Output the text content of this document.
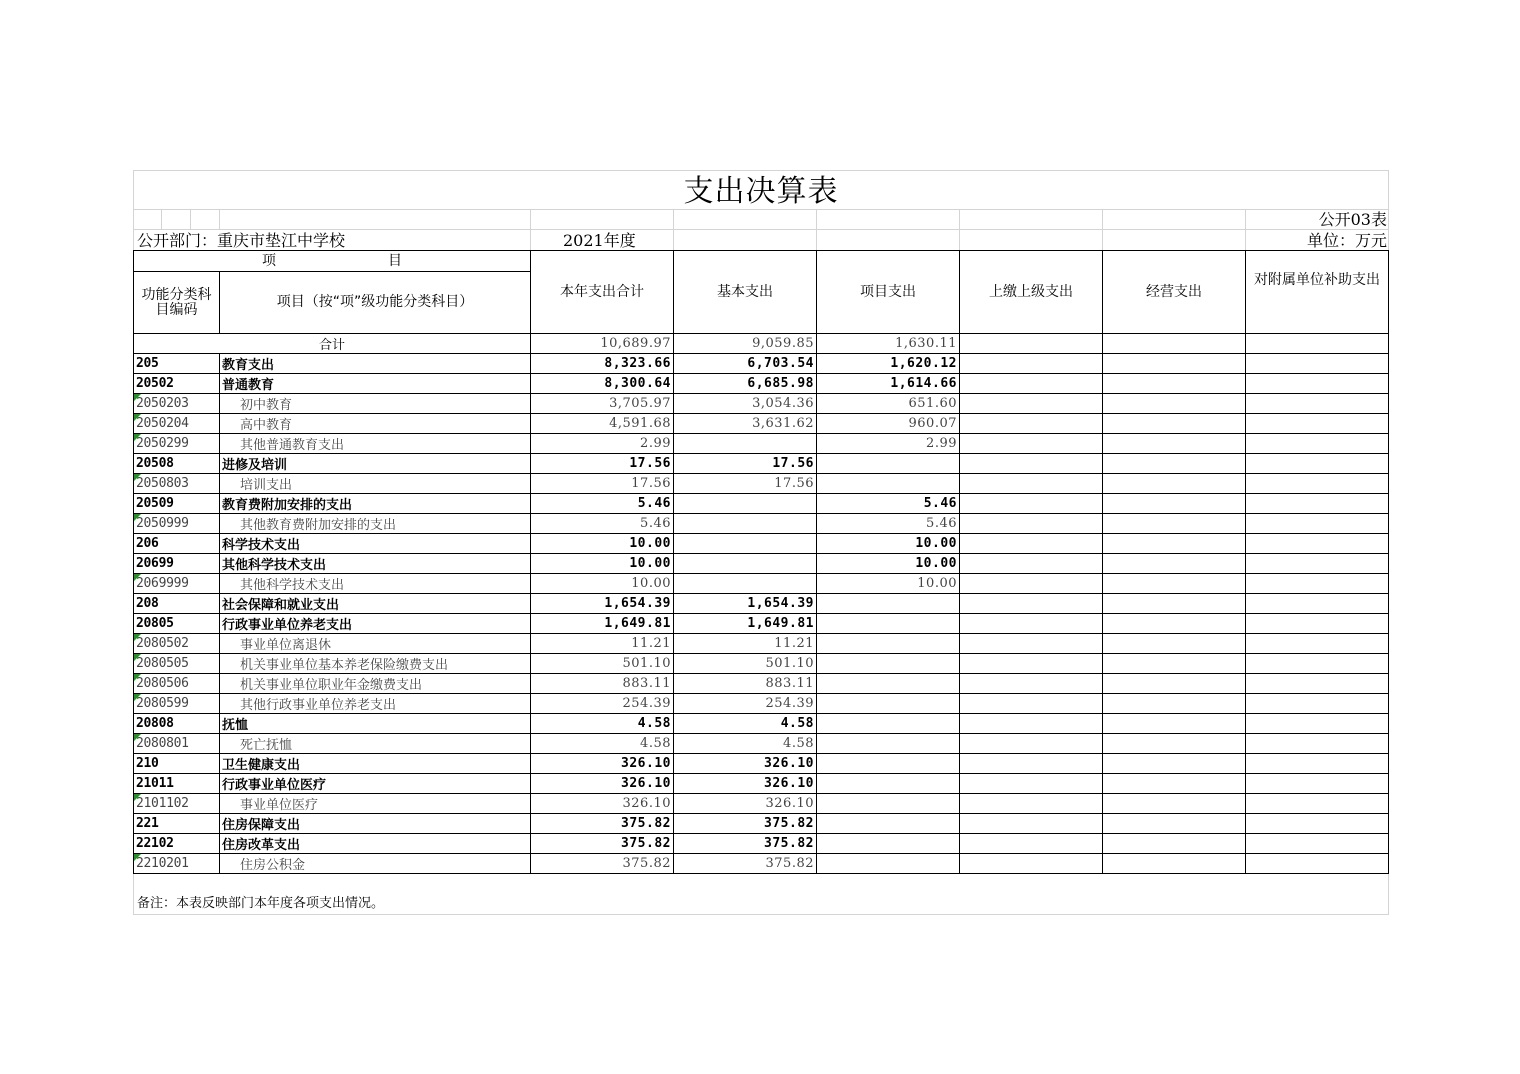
支出决算表
公开03表
公开部门：重庆市垫江中学校	2021年度	单位：万元
项　　　　　　　　目		本年支出合计	基本支出	项目支出	上缴上级支出	经营支出	对附属单位补助支出
功能分类科目编码	项目（按“项”级功能分类科目）						
合计		10,689.97	9,059.85	1,630.11			
205	教育支出	8,323.66	6,703.54	1,620.12			
20502	普通教育	8,300.64	6,685.98	1,614.66			
2050203	初中教育	3,705.97	3,054.36	651.60			
2050204	高中教育	4,591.68	3,631.62	960.07			
2050299	其他普通教育支出	2.99		2.99			
20508	进修及培训	17.56	17.56				
2050803	培训支出	17.56	17.56				
20509	教育费附加安排的支出	5.46		5.46			
2050999	其他教育费附加安排的支出	5.46		5.46			
206	科学技术支出	10.00		10.00			
20699	其他科学技术支出	10.00		10.00			
2069999	其他科学技术支出	10.00		10.00			
208	社会保障和就业支出	1,654.39	1,654.39				
20805	行政事业单位养老支出	1,649.81	1,649.81				
2080502	事业单位离退休	11.21	11.21				
2080505	机关事业单位基本养老保险缴费支出	501.10	501.10				
2080506	机关事业单位职业年金缴费支出	883.11	883.11				
2080599	其他行政事业单位养老支出	254.39	254.39				
20808	抚恤	4.58	4.58				
2080801	死亡抚恤	4.58	4.58				
210	卫生健康支出	326.10	326.10				
21011	行政事业单位医疗	326.10	326.10				
2101102	事业单位医疗	326.10	326.10				
221	住房保障支出	375.82	375.82				
22102	住房改革支出	375.82	375.82				
2210201	住房公积金	375.82	375.82				
备注：本表反映部门本年度各项支出情况。
